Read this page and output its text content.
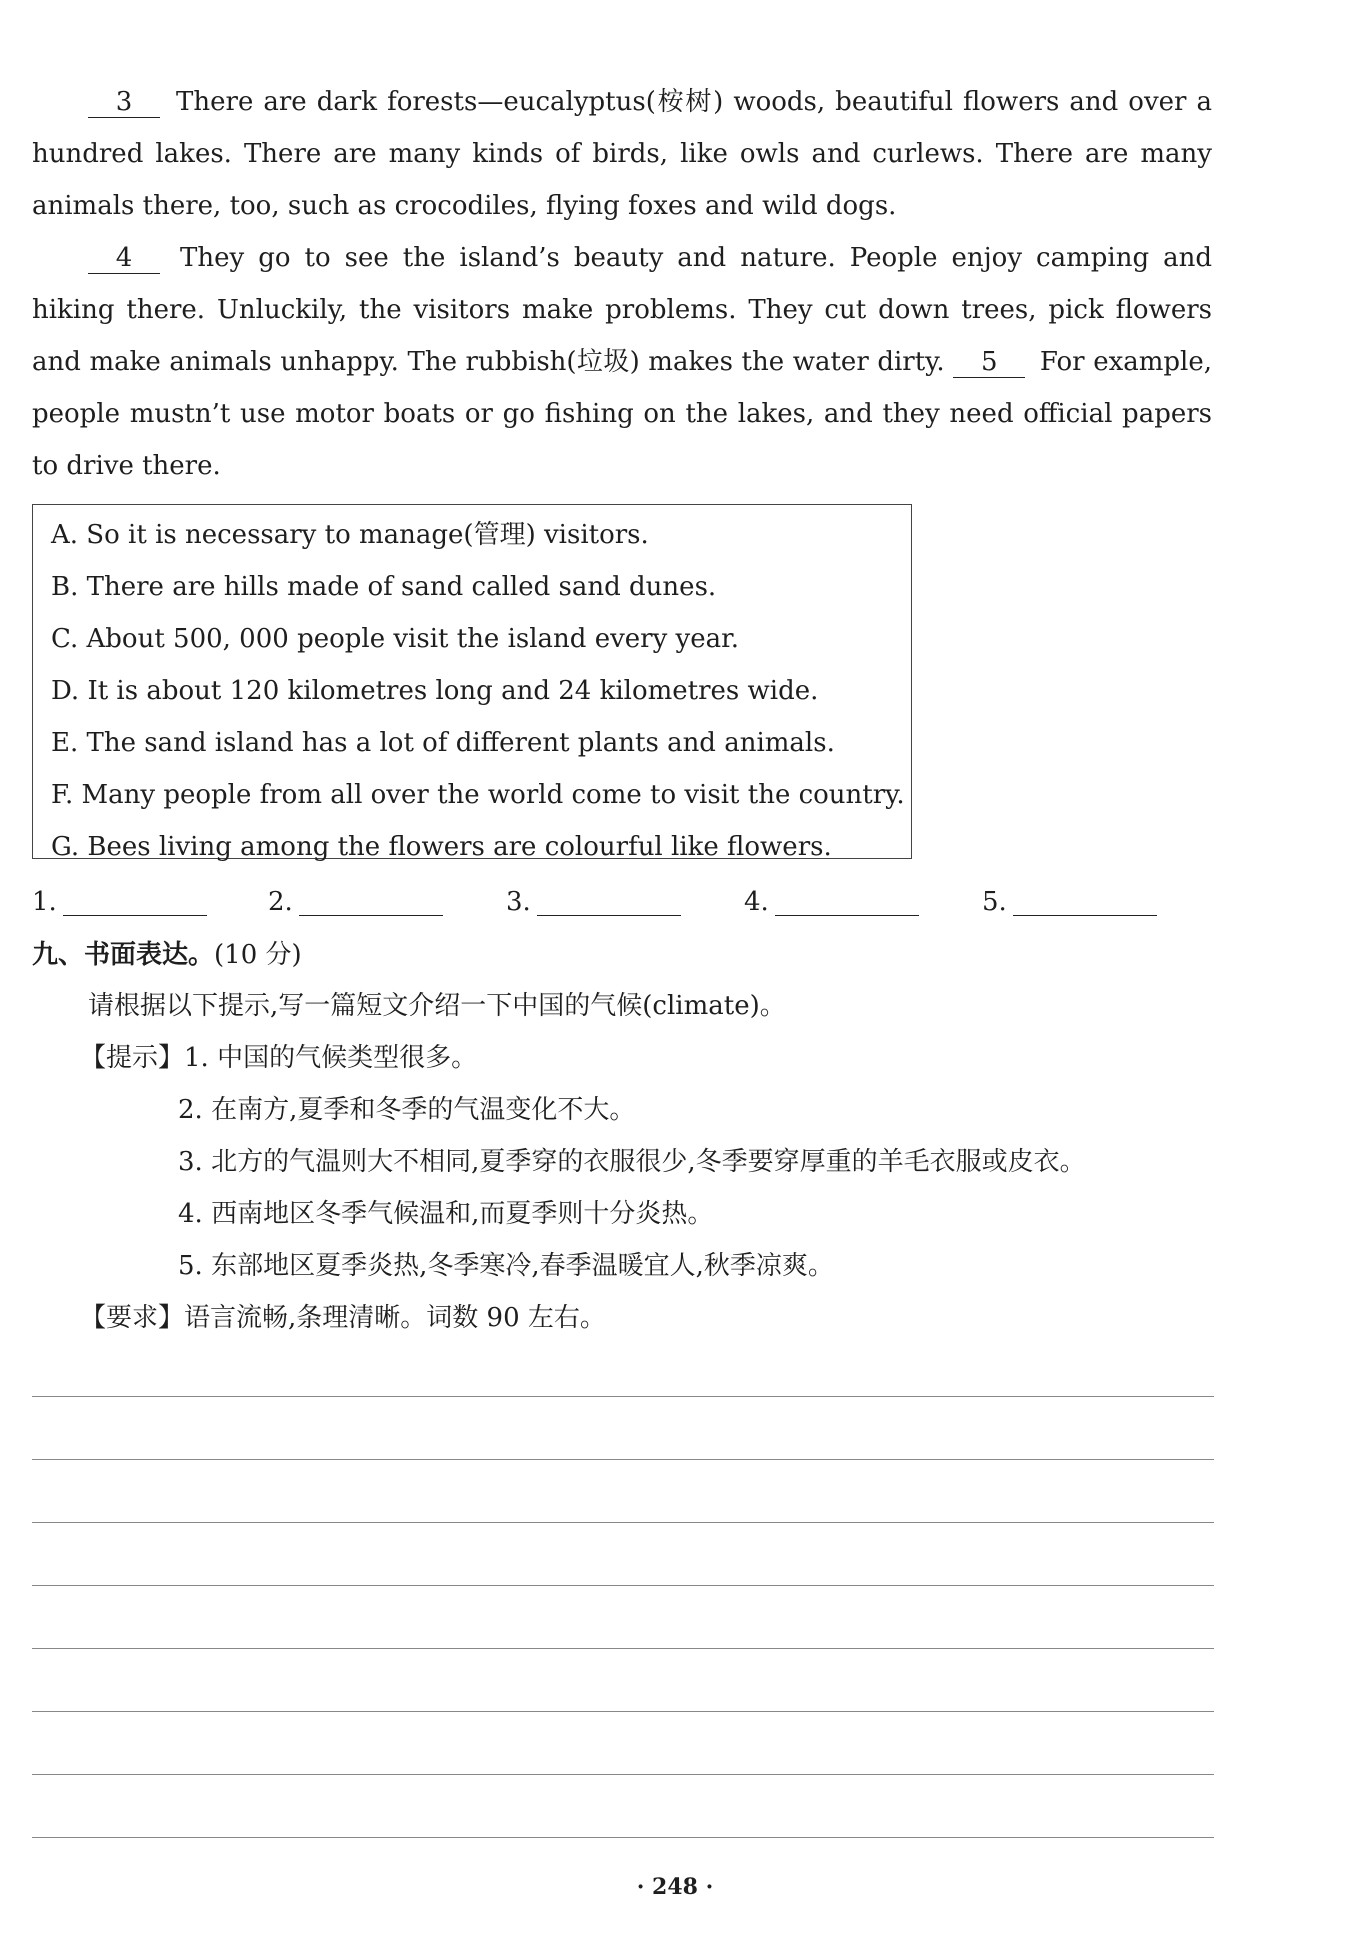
3 There are dark forests—eucalyptus(桉树) woods, beautiful flowers and over a hundred lakes. There are many kinds of birds, like owls and curlews. There are many animals there, too, such as crocodiles, flying foxes and wild dogs.
4 They go to see the island’s beauty and nature. People enjoy camping and hiking there. Unluckily, the visitors make problems. They cut down trees, pick flowers and make animals unhappy. The rubbish(垃圾) makes the water dirty. 5 For example, people mustn’t use motor boats or go fishing on the lakes, and they need official papers to drive there.
A. So it is necessary to manage(管理) visitors.
B. There are hills made of sand called sand dunes.
C. About 500, 000 people visit the island every year.
D. It is about 120 kilometres long and 24 kilometres wide.
E. The sand island has a lot of different plants and animals.
F. Many people from all over the world come to visit the country.
G. Bees living among the flowers are colourful like flowers.
1.	2.	3.	4.	5.
九、书面表达。(10 分)
请根据以下提示,写一篇短文介绍一下中国的气候(climate)。
【提示】1. 中国的气候类型很多。
2. 在南方,夏季和冬季的气温变化不大。
3. 北方的气温则大不相同,夏季穿的衣服很少,冬季要穿厚重的羊毛衣服或皮衣。
4. 西南地区冬季气候温和,而夏季则十分炎热。
5. 东部地区夏季炎热,冬季寒冷,春季温暖宜人,秋季凉爽。
【要求】语言流畅,条理清晰。词数 90 左右。
· 248 ·
